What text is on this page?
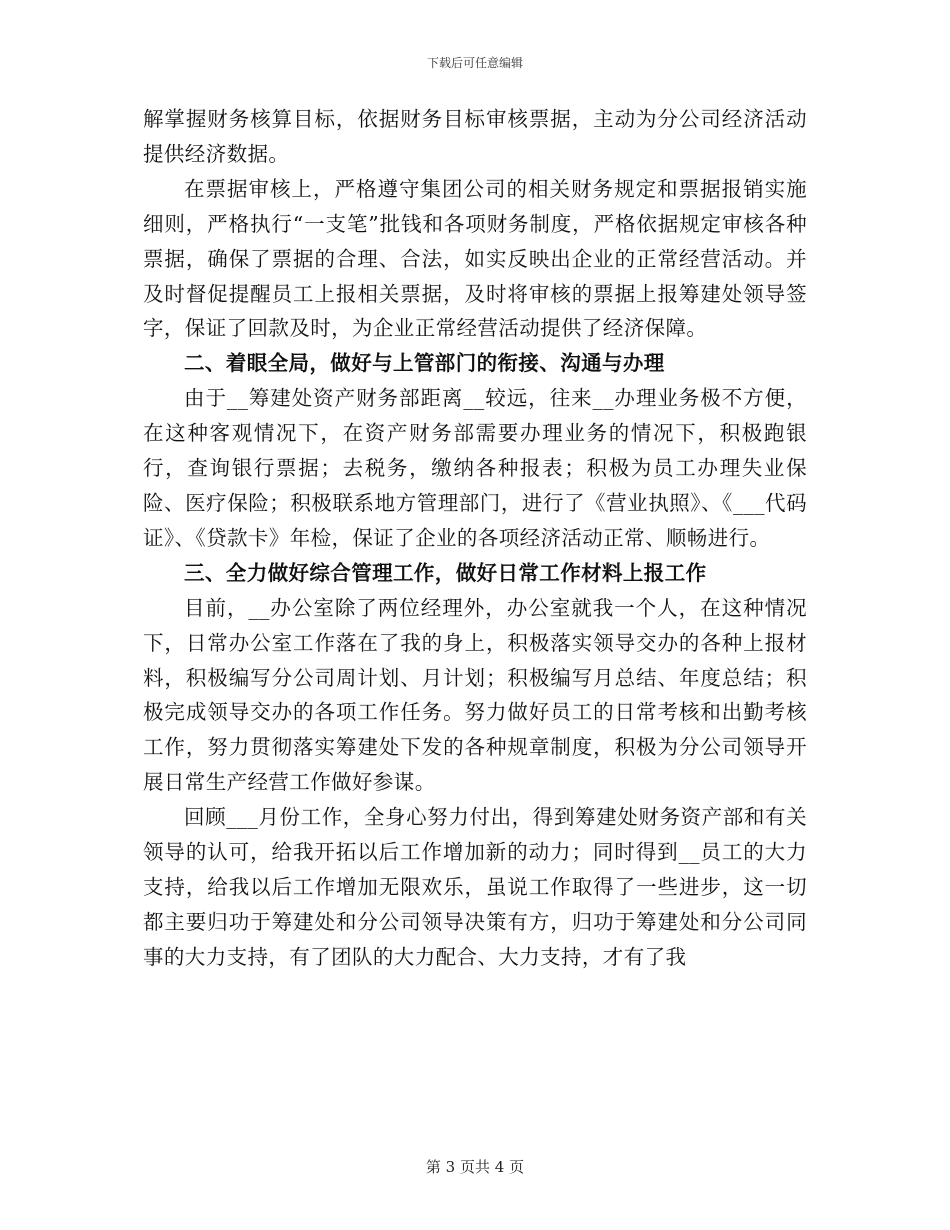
下载后可任意编辑

解掌握财务核算目标，依据财务目标审核票据，主动为分公司经济活动提供经济数据。

在票据审核上，严格遵守集团公司的相关财务规定和票据报销实施细则，严格执行“一支笔”批钱和各项财务制度，严格依据规定审核各种票据，确保了票据的合理、合法，如实反映出企业的正常经营活动。并及时督促提醒员工上报相关票据，及时将审核的票据上报筹建处领导签字，保证了回款及时，为企业正常经营活动提供了经济保障。

二、着眼全局，做好与上管部门的衔接、沟通与办理

由于__筹建处资产财务部距离__较远，往来__办理业务极不方便，在这种客观情况下，在资产财务部需要办理业务的情况下，积极跑银行，查询银行票据；去税务，缴纳各种报表；积极为员工办理失业保险、医疗保险；积极联系地方管理部门，进行了《营业执照》、《___代码证》、《贷款卡》年检，保证了企业的各项经济活动正常、顺畅进行。

三、全力做好综合管理工作，做好日常工作材料上报工作

目前，__办公室除了两位经理外，办公室就我一个人，在这种情况下，日常办公室工作落在了我的身上，积极落实领导交办的各种上报材料，积极编写分公司周计划、月计划；积极编写月总结、年度总结；积极完成领导交办的各项工作任务。努力做好员工的日常考核和出勤考核工作，努力贯彻落实筹建处下发的各种规章制度，积极为分公司领导开展日常生产经营工作做好参谋。

回顾___月份工作，全身心努力付出，得到筹建处财务资产部和有关领导的认可，给我开拓以后工作增加新的动力；同时得到__员工的大力支持，给我以后工作增加无限欢乐，虽说工作取得了一些进步，这一切都主要归功于筹建处和分公司领导决策有方，归功于筹建处和分公司同事的大力支持，有了团队的大力配合、大力支持，才有了我

第 3 页共 4 页
